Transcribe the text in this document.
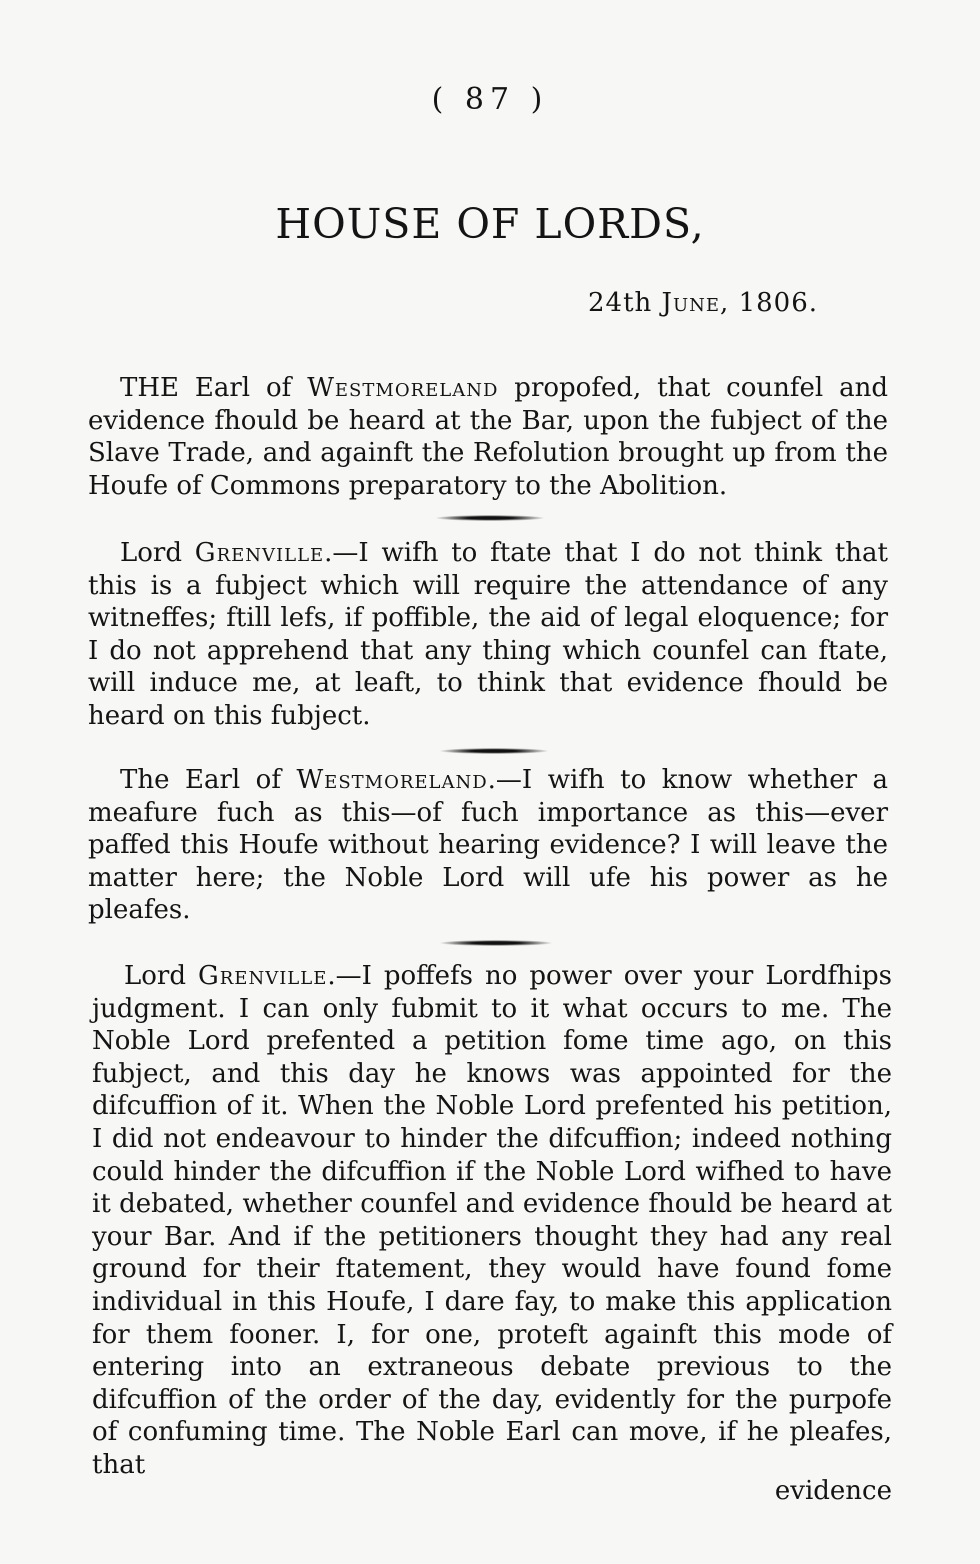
( 87 )
HOUSE OF LORDS,
24th June, 1806.

THE Earl of Westmoreland propofed, that counfel and evidence fhould be heard at the Bar, upon the fubject of the Slave Trade, and againft the Refolution brought up from the Houfe of Commons preparatory to the Abolition.

Lord Grenville.—I wifh to ftate that I do not think that this is a fubject which will require the attendance of any witneffes; ftill lefs, if poffible, the aid of legal eloquence; for I do not apprehend that any thing which counfel can ftate, will induce me, at leaft, to think that evidence fhould be heard on this fubject.

The Earl of Westmoreland.—I wifh to know whether a meafure fuch as this—of fuch importance as this—ever paffed this Houfe without hearing evidence? I will leave the matter here; the Noble Lord will ufe his power as he pleafes.

Lord Grenville.—I poffefs no power over your Lordfhips judgment. I can only fubmit to it what occurs to me. The Noble Lord prefented a petition fome time ago, on this fubject, and this day he knows was appointed for the difcuffion of it. When the Noble Lord prefented his petition, I did not endeavour to hinder the difcuffion; indeed nothing could hinder the difcuffion if the Noble Lord wifhed to have it debated, whether counfel and evidence fhould be heard at your Bar. And if the petitioners thought they had any real ground for their ftatement, they would have found fome individual in this Houfe, I dare fay, to make this application for them fooner. I, for one, proteft againft this mode of entering into an extraneous debate previous to the difcuffion of the order of the day, evidently for the purpofe of confuming time. The Noble Earl can move, if he pleafes, that

evidence
